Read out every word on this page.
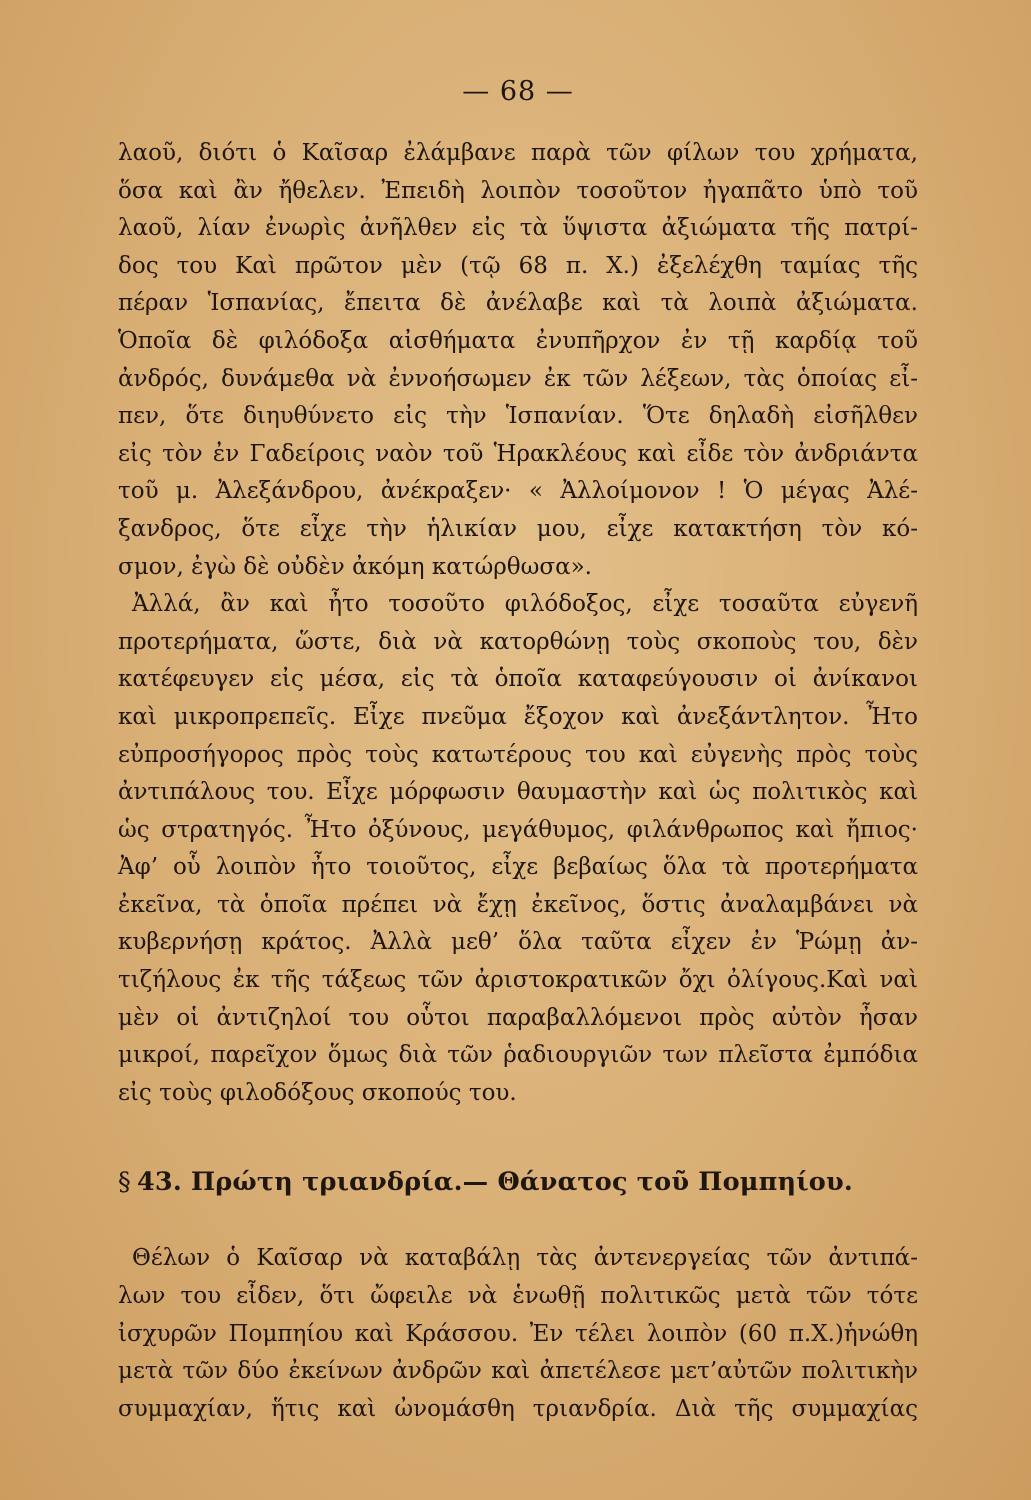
— 68 —
λαοῦ, διότι ὁ Καῖσαρ ἐλάμβανε παρὰ τῶν φίλων του χρήματα,
ὅσα καὶ ἂν ἤθελεν. Ἐπειδὴ λοιπὸν τοσοῦτον ἠγαπᾶτο ὑπὸ τοῦ
λαοῦ, λίαν ἐνωρὶς ἀνῆλθεν εἰς τὰ ὕψιστα ἀξιώματα τῆς πατρί-
δος του Καὶ πρῶτον μὲν (τῷ 68 π. Χ.) ἐξελέχθη ταμίας τῆς
πέραν Ἱσπανίας, ἔπειτα δὲ ἀνέλαβε καὶ τὰ λοιπὰ ἀξιώματα.
Ὁποῖα δὲ φιλόδοξα αἰσθήματα ἐνυπῆρχον ἐν τῇ καρδίᾳ τοῦ
ἀνδρός, δυνάμεθα νὰ ἐννοήσωμεν ἐκ τῶν λέξεων, τὰς ὁποίας εἶ-
πεν, ὅτε διηυθύνετο εἰς τὴν Ἱσπανίαν. Ὅτε δηλαδὴ εἰσῆλθεν
εἰς τὸν ἐν Γαδείροις ναὸν τοῦ Ἡρακλέους καὶ εἶδε τὸν ἀνδριάντα
τοῦ μ. Ἀλεξάνδρου, ἀνέκραξεν· « Ἀλλοίμονον ! Ὁ μέγας Ἀλέ-
ξανδρος, ὅτε εἶχε τὴν ἡλικίαν μου, εἶχε κατακτήση τὸν κό-
σμον, ἐγὼ δὲ οὐδὲν ἀκόμη κατώρθωσα».
Ἀλλά, ἂν καὶ ἦτο τοσοῦτο φιλόδοξος, εἶχε τοσαῦτα εὐγενῆ
προτερήματα, ὥστε, διὰ νὰ κατορθώνῃ τοὺς σκοποὺς του, δὲν
κατέφευγεν εἰς μέσα, εἰς τὰ ὁποῖα καταφεύγουσιν οἱ ἀνίκανοι
καὶ μικροπρεπεῖς. Εἶχε πνεῦμα ἔξοχον καὶ ἀνεξάντλητον. Ἦτο
εὐπροσήγορος πρὸς τοὺς κατωτέρους του καὶ εὐγενὴς πρὸς τοὺς
ἀντιπάλους του. Εἶχε μόρφωσιν θαυμαστὴν καὶ ὡς πολιτικὸς καὶ
ὡς στρατηγός. Ἦτο ὀξύνους, μεγάθυμος, φιλάνθρωπος καὶ ἤπιος·
Ἀφ’ οὗ λοιπὸν ἦτο τοιοῦτος, εἶχε βεβαίως ὅλα τὰ προτερήματα
ἐκεῖνα, τὰ ὁποῖα πρέπει νὰ ἔχῃ ἐκεῖνος, ὅστις ἀναλαμβάνει νὰ
κυβερνήσῃ κράτος. Ἀλλὰ μεθ’ ὅλα ταῦτα εἶχεν ἐν Ῥώμῃ ἀν-
τιζήλους ἐκ τῆς τάξεως τῶν ἀριστοκρατικῶν ὄχι ὀλίγους.Καὶ ναὶ
μὲν οἱ ἀντιζηλοί του οὗτοι παραβαλλόμενοι πρὸς αὐτὸν ἦσαν
μικροί, παρεῖχον ὅμως διὰ τῶν ῥαδιουργιῶν των πλεῖστα ἐμπόδια
εἰς τοὺς φιλοδόξους σκοπούς του.
§ 43. Πρώτη τριανδρία.— Θάνατος τοῦ Πομπηίου.
Θέλων ὁ Καῖσαρ νὰ καταβάλῃ τὰς ἀντενεργείας τῶν ἀντιπά-
λων του εἶδεν, ὅτι ὤφειλε νὰ ἑνωθῇ πολιτικῶς μετὰ τῶν τότε
ἰσχυρῶν Πομπηίου καὶ Κράσσου. Ἐν τέλει λοιπὸν (60 π.Χ.)ἡνώθη
μετὰ τῶν δύο ἐκείνων ἀνδρῶν καὶ ἀπετέλεσε μετ’αὐτῶν πολιτικὴν
συμμαχίαν, ἥτις καὶ ὠνομάσθη τριανδρία. Διὰ τῆς συμμαχίας
